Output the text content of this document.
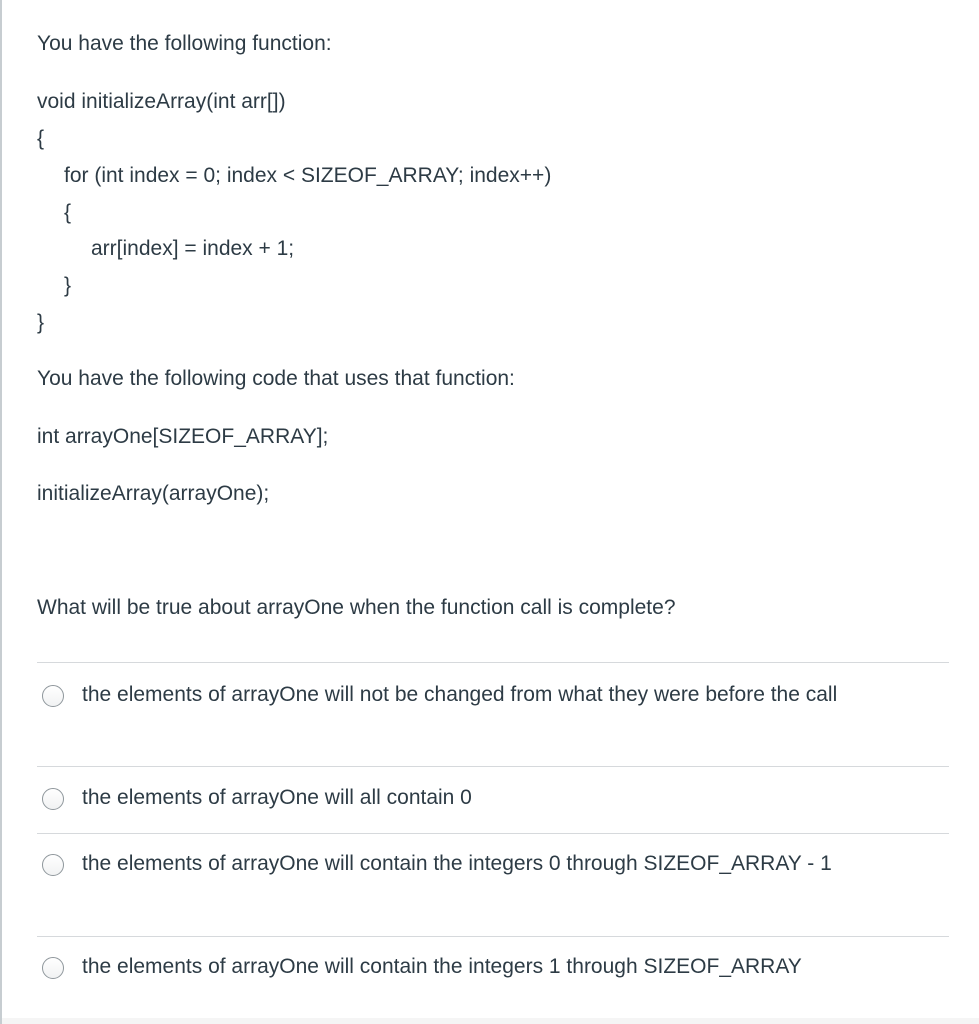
You have the following function:
void initializeArray(int arr[])
{
for (int index = 0; index < SIZEOF_ARRAY; index++)
{
arr[index] = index + 1;
}
}
You have the following code that uses that function:
int arrayOne[SIZEOF_ARRAY];
initializeArray(arrayOne);
What will be true about arrayOne when the function call is complete?
the elements of arrayOne will not be changed from what they were before the call
the elements of arrayOne will all contain 0
the elements of arrayOne will contain the integers 0 through SIZEOF_ARRAY - 1
the elements of arrayOne will contain the integers 1 through SIZEOF_ARRAY
